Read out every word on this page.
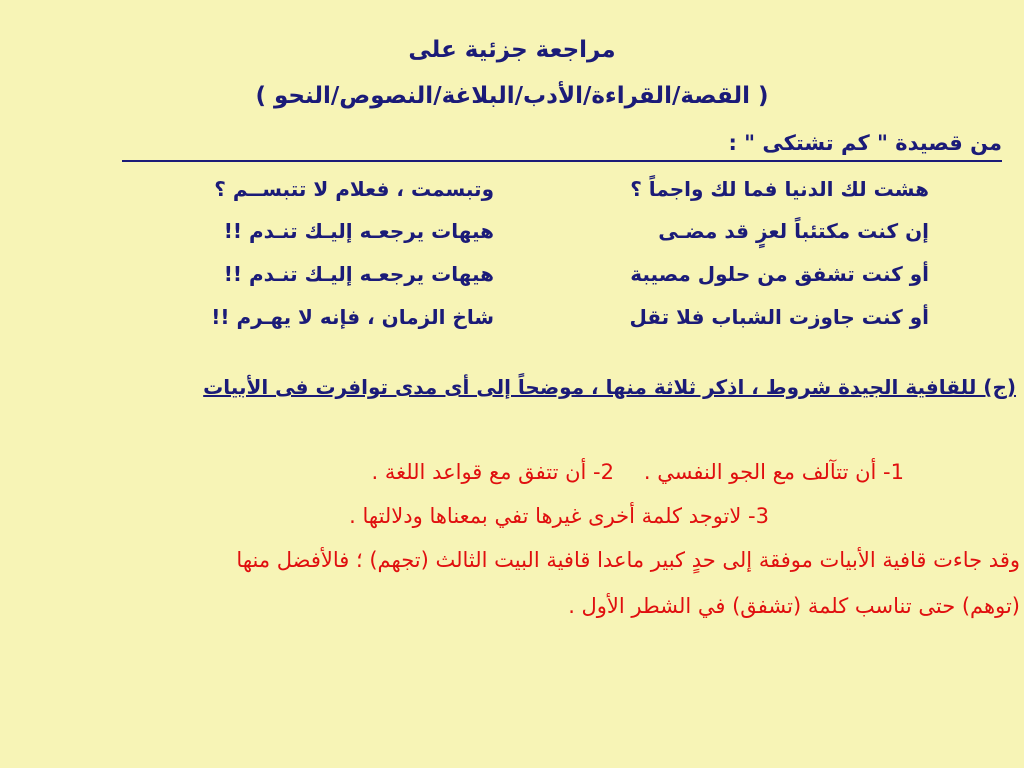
مراجعة جزئية على
( القصة/القراءة/الأدب/البلاغة/النصوص/النحو )
من قصيدة " كم تشتكى " :
هشت لك الدنيا فما لك واجماً ؟
وتبسمت ، فعلام لا تتبســم ؟
إن كنت مكتئباً لعزٍ قد مضـى
هيهات يرجعـه إليـك تنـدم !!
أو كنت تشفق من حلول مصيبة
هيهات يرجعـه إليـك تنـدم !!
أو كنت جاوزت الشباب فلا تقل
شاخ الزمان ، فإنه لا يهـرم !!
(ج) للقافية الجيدة شروط ، اذكر ثلاثة منها ، موضحاً إلى أى مدى توافرت فى الأبيات
1- أن تتآلف مع الجو النفسي .
2- أن تتفق مع قواعد اللغة .
3- لاتوجد كلمة أخرى غيرها تفي بمعناها ودلالتها .
وقد جاءت قافية الأبيات موفقة إلى حدٍ كبير ماعدا قافية البيت الثالث (تجهم) ؛ فالأفضل منها
(توهم) حتى تناسب كلمة (تشفق) في الشطر الأول .
